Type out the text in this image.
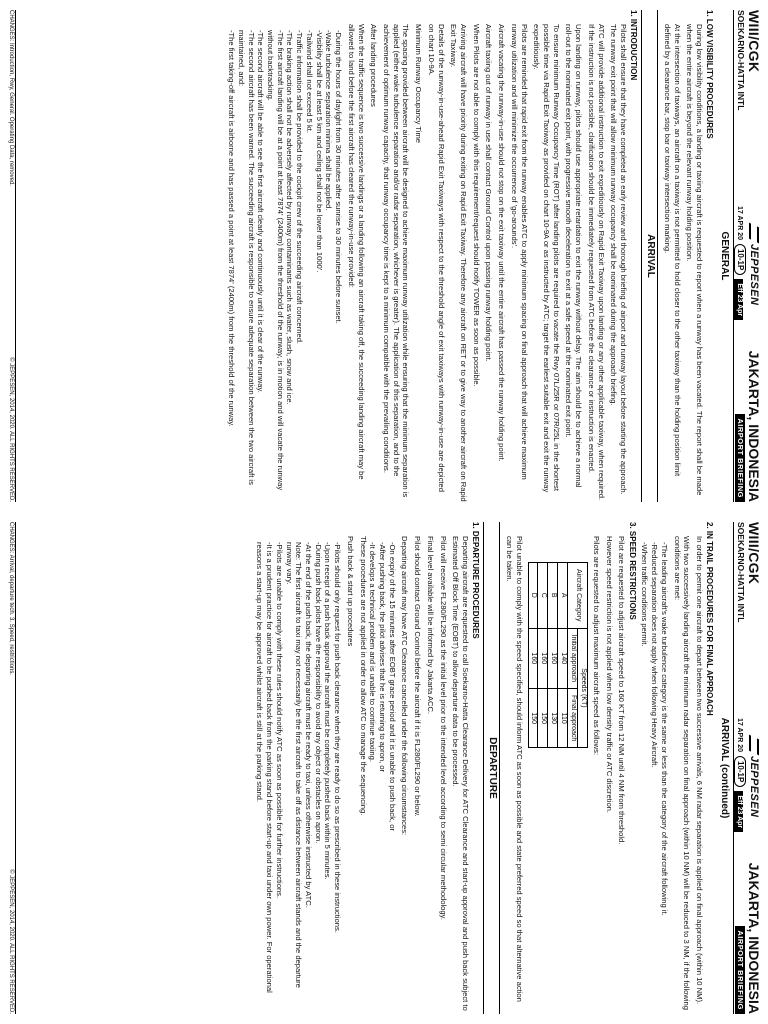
WIII/CGK
SOEKARNO-HATTA INTL
JEPPESEN
17 APR 2010-1PEff 23 Apr
JAKARTA, INDONESIA
AIRPORT BRIEFING
GENERAL
1. LOW VISIBILITY PROCEDURES

During low visibility conditions, a landing or taxiing aircraft is requested to report when a runway has been vacated. The report shall be made when the entire aircraft is beyond the relevant runway holding position.

At the intersection of taxiways, an aircraft on a taxiway is not permitted to hold closer to the other taxiway than the holding position limit defined by a clearance bar, stop bar or taxiway intersection marking.

ARRIVAL
1. INTRODUCTION

Pilots shall ensure that they have completed an early review and thorough briefing of airport and runway layout before starting the approach. The runway exit point that will allow minimum runway occupancy shall be nominated during the approach briefing.

ATC will provide additional instruction to exit expeditiously on Rapid Exit Taxiway upon landing or any other applicable taxiway, when required. If the instruction is not possible, clarification should be immediately requested from ATC before the clearance or instruction is enacted.

Upon landing on runway, pilots should use appropriate retardation to exit the runway without delay. The aim should be to achieve a normal roll-out to the nominated exit point, with progressive smooth deceleration to exit at a safe speed at the nominated exit point.

To ensure minimum Runway Occupancy Time (ROT) after landing pilots are required to vacate the Rwy 07L/25R or 07R/25L in the shortest possible time via Rapid Exit Taxiway as provided on chart 10-9A or as instructed by ATC; target the earliest suitable exit and exit the runway expeditiously.

Pilots are reminded that rapid exit from the runway enables ATC to apply minimum spacing on final approach that will achieve maximum runway utilization and will minimize the occurrence of 'go-arounds'.

Aircraft vacating the runway-in-use should not stop on the exit taxiway until the entire aircraft has passed the runway holding point.

Aircraft taxiing out of runway in use shall contact Ground Control upon passing runway holding point.

When Pilots are not able to comply with this requirement/request should notify TOWER as soon as possible.

Arriving aircraft will have priority during exiting on Rapid Exit Taxiway. Therefore any aircraft on RET or to give way to another aircraft on Rapid Exit Taxiway.

Details of the runway-in-use-ahead Rapid Exit Taxiways with respect to the threshold angle of exit taxiways with runway-in-use are depicted on chart 10-9A.

Minimum Runway Occupancy Time

The spacing provided between aircraft will be designed to achieve maximum runway utilization while ensuring that the minimum separation is applied (either wake turbulence separation and/or radar separation, whichever is greater). The application of this separation, and to the achievement of optimum runway capacity, that runway occupancy time is kept to a minimum compatible with the prevailing conditions.

After landing procedures

When the traffic sequence is two successive landings or a landing following an aircraft taking off, the succeeding landing aircraft may be allowed to land before the first aircraft has cleared the runway-in-use provided:

-During the hours of daylight from 30 minutes after sunrise to 30 minutes before sunset.
-Wake turbulence separation minima shall be applied.
-Visibility shall be at least 5 km and ceiling shall not be lower than 1000'.
-Tailwind shall not exceed 5 kt.
-Traffic information shall be provided to the cockpit crew of the succeeding aircraft concerned.
-The braking action shall not be adversely affected by runway contaminants such as water, slush, snow and ice.
-The first aircraft landing will be at a point at least 7874' (2400m) from the threshold of the runway, is in motion and will vacate the runway without backtracking.
-The second aircraft will be able to see the first aircraft clearly and continuously until it is clear of the runway.
-The second aircraft has been warned. The succeeding aircraft is responsible to ensure adequate separation between the two aircraft is maintained, and:
-The first taking-off aircraft is airborne and has passed a point at least 7874' (2400m) from the threshold of the runway.
CHANGES: Introduction, Rwy, General. Operating Data, removed.
© JEPPESEN, 2014, 2020. ALL RIGHTS RESERVED.
WIII/CGK
SOEKARNO-HATTA INTL
JEPPESEN
17 APR 2010-1PEff 23 Apr
JAKARTA, INDONESIA
AIRPORT BRIEFING
ARRIVAL (continued)
2. IN TRAIL PROCEDURES FOR FINAL APPROACH

In order to permit one aircraft to depart between two successive arrivals, 6 NM radar separation is applied on final approach (within 10 NM).

With two successively landing aircraft the minimum radar separation on final approach (within 10 NM) will be reduced to 3 NM, if the following conditions are met:

-The leading aircraft's wake turbulence category is the same or less than the category of the aircraft following it.
-Reduced separation does not apply when following Heavy Aircraft.
-When traffic conditions permit.
3. SPEED RESTRICTIONS

Pilot are requested to adjust aircraft speed to 160 KT from 12 NM until 4 NM from threshold.

However speed restriction is not applied when low density traffic or ATC discretion.

Pilots are requested to adjust maximum aircraft speed as follows:

Aircraft Category	Speeds (KT)	
	Initial approach	Final approach
A	140	110
B	160	130
C	160	150
D	160	150

Pilot unable to comply with the speed specified, should inform ATC as soon as possible and state preferred speed so that alternative action can be taken.

DEPARTURE
1. DEPARTURE PROCEDURES

Departing aircraft are requested to call Soekarno-Hatta Clearance Delivery for ATC Clearance and start-up approval and push back subject to Estimated Off Block Time (EOBT) to allow departure data to be processed.

Pilot will receive FL280/FL290 as the initial level prior to the intended level according to semi circular methodology.

Final level available will be informed by Jakarta ACC.

Pilot should contact Ground Control before the aircraft if it is FL280/FL290 or below.

Departing aircraft may have ATC Clearance cancelled under the following circumstances:

-On expiry of the 15 minutes after EOBT grace period and it is unable to push back, or
-After pushing back, the pilot advises that he is returning to apron, or
-It develops a technical problem and is unable to continue taxiing.

These procedures are not applied in order to allow ATC to manage the sequencing.

Push back & start up procedures

-Pilots should only request for push back clearance when they are ready to do so as prescribed in these instructions.
-Upon receipt of a push back approval the aircraft must be completely pushed back within 5 minutes.
-During push back pilots have the responsibility to avoid any object or obstacles on apron.
-At the end of the push back, the departing aircraft must be ready to taxi, unless otherwise instructed by ATC.
Note: The first aircraft to taxi may not necessarily be the first aircraft to take off as distance between aircraft stands and the departure runway vary.
-Pilots are unable to comply with these rules should notify ATC as soon as possible for further instructions.
-It is a prudent practice for aircraft to be pushed back from the parking stand before start-up and taxi under own power. For operational reasons a start-up may be approved whilst aircraft is still at the parking stand.
CHANGES: Arrival, departure tech. 3. Speed, restrictions.
© JEPPESEN, 2014, 2020. ALL RIGHTS RESERVED.
